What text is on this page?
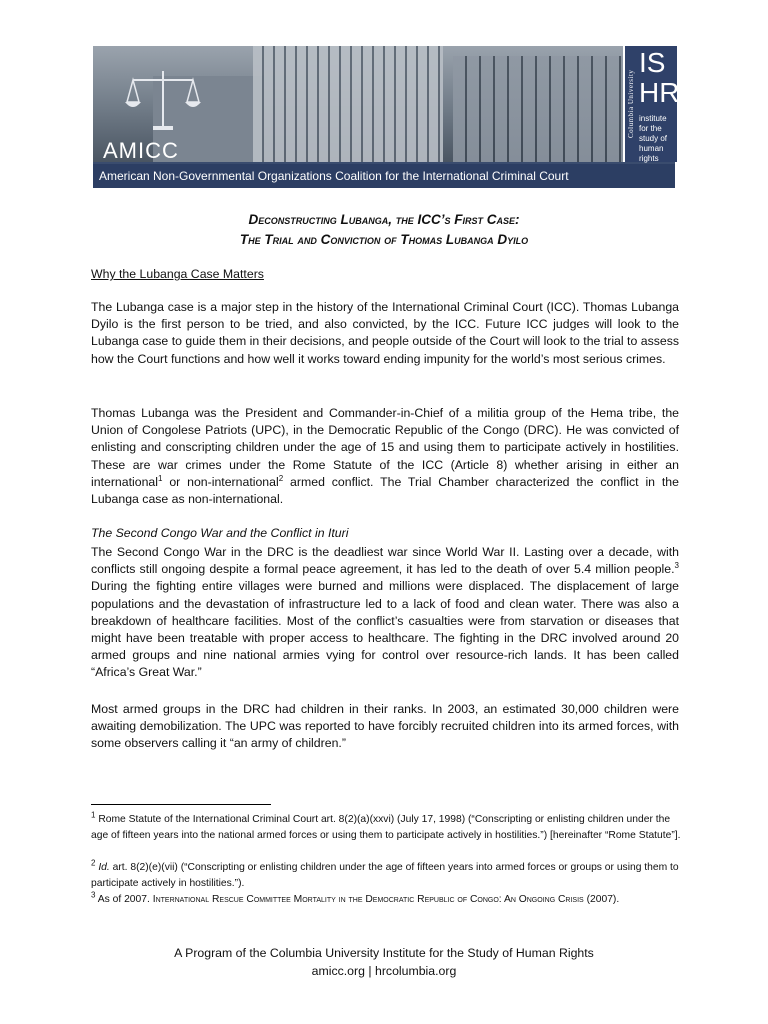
AMICC
Columbia University
IS
HR
institute for the study of human rights
American Non-Governmental Organizations Coalition for the International Criminal Court
Deconstructing Lubanga, the ICC’s First Case:
The Trial and Conviction of Thomas Lubanga Dyilo
Why the Lubanga Case Matters
The Lubanga case is a major step in the history of the International Criminal Court (ICC). Thomas Lubanga Dyilo is the first person to be tried, and also convicted, by the ICC. Future ICC judges will look to the Lubanga case to guide them in their decisions, and people outside of the Court will look to the trial to assess how the Court functions and how well it works toward ending impunity for the world’s most serious crimes.
Thomas Lubanga was the President and Commander-in-Chief of a militia group of the Hema tribe, the Union of Congolese Patriots (UPC), in the Democratic Republic of the Congo (DRC). He was convicted of enlisting and conscripting children under the age of 15 and using them to participate actively in hostilities. These are war crimes under the Rome Statute of the ICC (Article 8) whether arising in either an international$^1$ or non-international$^2$ armed conflict. The Trial Chamber characterized the conflict in the Lubanga case as non-international.
The Second Congo War and the Conflict in Ituri
The Second Congo War in the DRC is the deadliest war since World War II. Lasting over a decade, with conflicts still ongoing despite a formal peace agreement, it has led to the death of over 5.4 million people.$^3$ During the fighting entire villages were burned and millions were displaced. The displacement of large populations and the devastation of infrastructure led to a lack of food and clean water. There was also a breakdown of healthcare facilities. Most of the conflict’s casualties were from starvation or diseases that might have been treatable with proper access to healthcare. The fighting in the DRC involved around 20 armed groups and nine national armies vying for control over resource-rich lands. It has been called “Africa’s Great War.”
Most armed groups in the DRC had children in their ranks. In 2003, an estimated 30,000 children were awaiting demobilization. The UPC was reported to have forcibly recruited children into its armed forces, with some observers calling it “an army of children.”
$^1$ Rome Statute of the International Criminal Court art. 8(2)(a)(xxvi) (July 17, 1998) (“Conscripting or enlisting children under the age of fifteen years into the national armed forces or using them to participate actively in hostilities.”) [hereinafter “Rome Statute”].
$^2$ Id. art. 8(2)(e)(vii) (“Conscripting or enlisting children under the age of fifteen years into armed forces or groups or using them to participate actively in hostilities.”).
$^3$ As of 2007. International Rescue Committee Mortality in the Democratic Republic of Congo: An Ongoing Crisis (2007).
A Program of the Columbia University Institute for the Study of Human Rights
amicc.org | hrcolumbia.org
